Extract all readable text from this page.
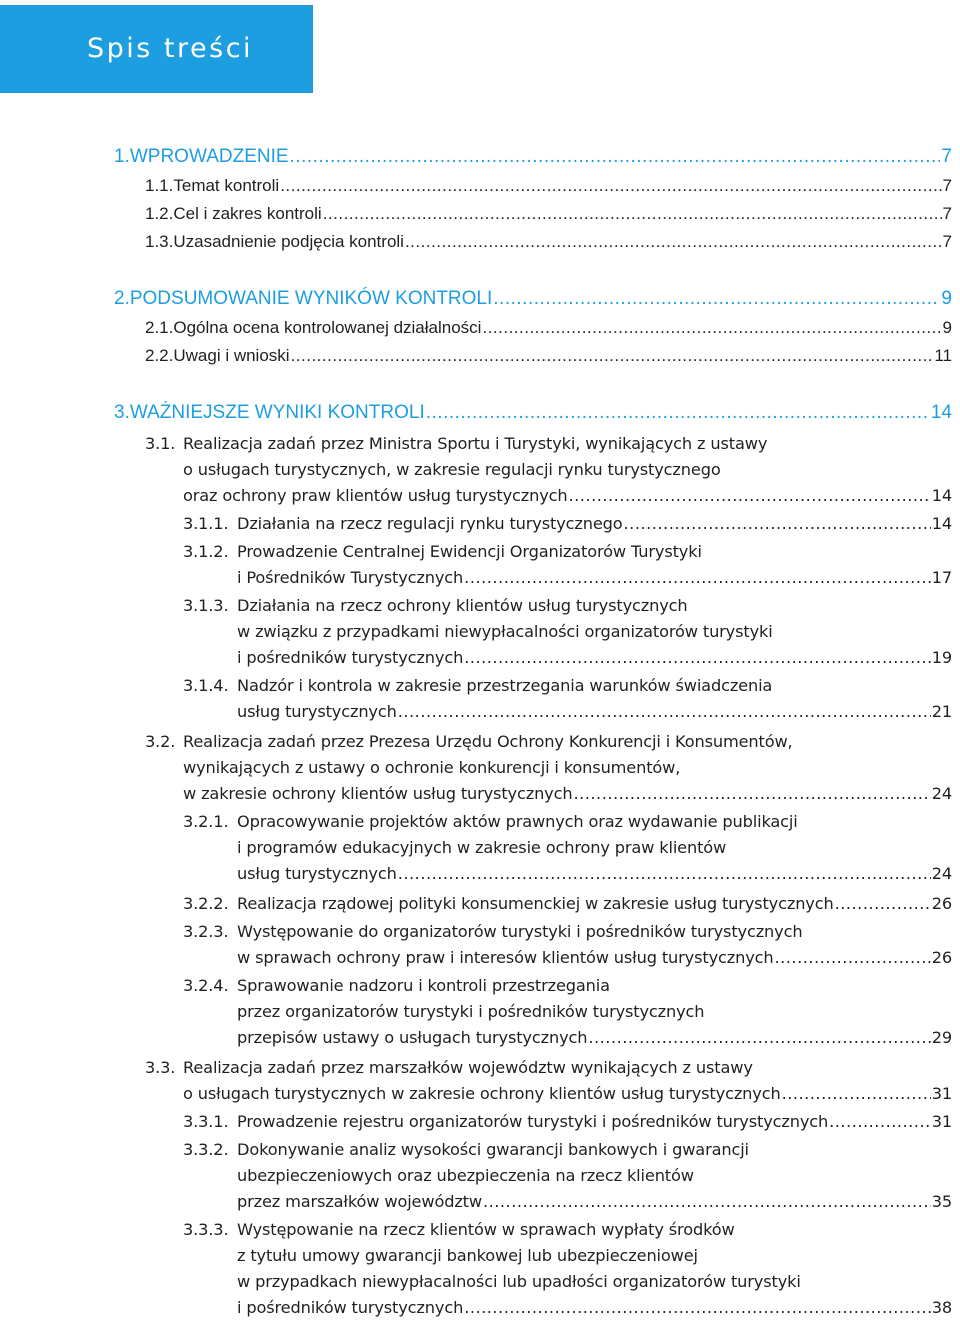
Spis treści
1. WPROWADZENIE .....	7
1.1. Temat kontroli .....	7
1.2. Cel i zakres kontroli .....	7
1.3. Uzasadnienie podjęcia kontroli .....	7
2. PODSUMOWANIE WYNIKÓW KONTROLI .....	9
2.1. Ogólna ocena kontrolowanej działalności .....	9
2.2. Uwagi i wnioski .....	11
3. WAŻNIEJSZE WYNIKI KONTROLI .....	14
3.1. Realizacja zadań przez Ministra Sportu i Turystyki, wynikających z ustawy
o usługach turystycznych, w zakresie regulacji rynku turystycznego
oraz ochrony praw klientów usług turystycznych .....	14
3.1.1. Działania na rzecz regulacji rynku turystycznego .....	14
3.1.2. Prowadzenie Centralnej Ewidencji Organizatorów Turystyki
i Pośredników Turystycznych .....	17
3.1.3. Działania na rzecz ochrony klientów usług turystycznych
w związku z przypadkami niewypłacalności organizatorów turystyki
i pośredników turystycznych .....	19
3.1.4. Nadzór i kontrola w zakresie przestrzegania warunków świadczenia
usług turystycznych .....	21
3.2. Realizacja zadań przez Prezesa Urzędu Ochrony Konkurencji i Konsumentów,
wynikających z ustawy o ochronie konkurencji i konsumentów,
w zakresie ochrony klientów usług turystycznych .....	24
3.2.1. Opracowywanie projektów aktów prawnych oraz wydawanie publikacji
i programów edukacyjnych w zakresie ochrony praw klientów
usług turystycznych .....	24
3.2.2. Realizacja rządowej polityki konsumenckiej w zakresie usług turystycznych .....	26
3.2.3. Występowanie do organizatorów turystyki i pośredników turystycznych
w sprawach ochrony praw i interesów klientów usług turystycznych .....	26
3.2.4. Sprawowanie nadzoru i kontroli przestrzegania
przez organizatorów turystyki i pośredników turystycznych
przepisów ustawy o usługach turystycznych .....	29
3.3. Realizacja zadań przez marszałków województw wynikających z ustawy
o usługach turystycznych w zakresie ochrony klientów usług turystycznych .....	31
3.3.1. Prowadzenie rejestru organizatorów turystyki i pośredników turystycznych .....	31
3.3.2. Dokonywanie analiz wysokości gwarancji bankowych i gwarancji
ubezpieczeniowych oraz ubezpieczenia na rzecz klientów
przez marszałków województw .....	35
3.3.3. Występowanie na rzecz klientów w sprawach wypłaty środków
z tytułu umowy gwarancji bankowej lub ubezpieczeniowej
w przypadkach niewypłacalności lub upadłości organizatorów turystyki
i pośredników turystycznych .....	38
